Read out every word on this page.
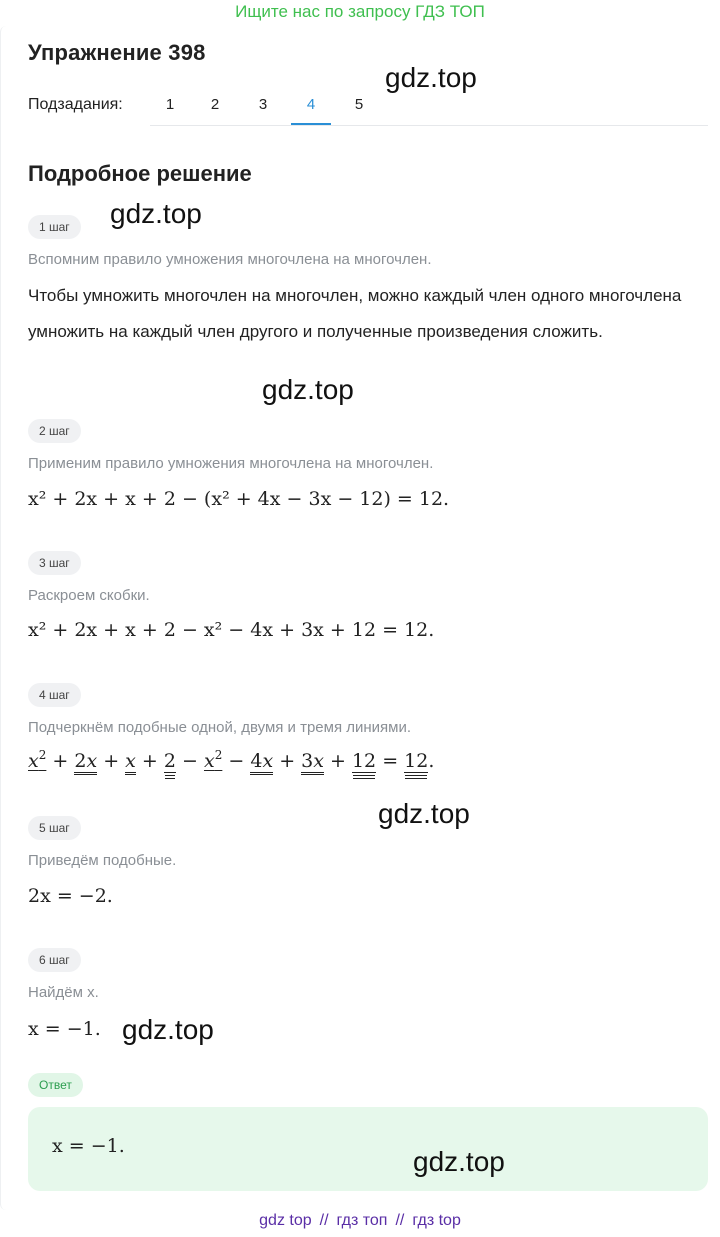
Ищите нас по запросу ГДЗ ТОП
Упражнение 398
Подзадания:	1	2	3	4	5
Подробное решение
1 шаг
Вспомним правило умножения многочлена на многочлен.
Чтобы умножить многочлен на многочлен, можно каждый член одного многочлена умножить на каждый член другого и полученные произведения сложить.
2 шаг
Применим правило умножения многочлена на многочлен.
x² + 2x + x + 2 − (x² + 4x − 3x − 12) = 12.
3 шаг
Раскроем скобки.
x² + 2x + x + 2 − x² − 4x + 3x + 12 = 12.
4 шаг
Подчеркнём подобные одной, двумя и тремя линиями.
$x^2 + 2x + x + 2 - x^2 - 4x + 3x + 12 = 12$.
5 шаг
Приведём подобные.
2x = −2.
6 шаг
Найдём x.
x = −1.
Ответ
x = −1.
gdz.top
gdz.top
gdz.top
gdz.top
gdz.top
gdz.top
gdz top // гдз топ // гдз top
